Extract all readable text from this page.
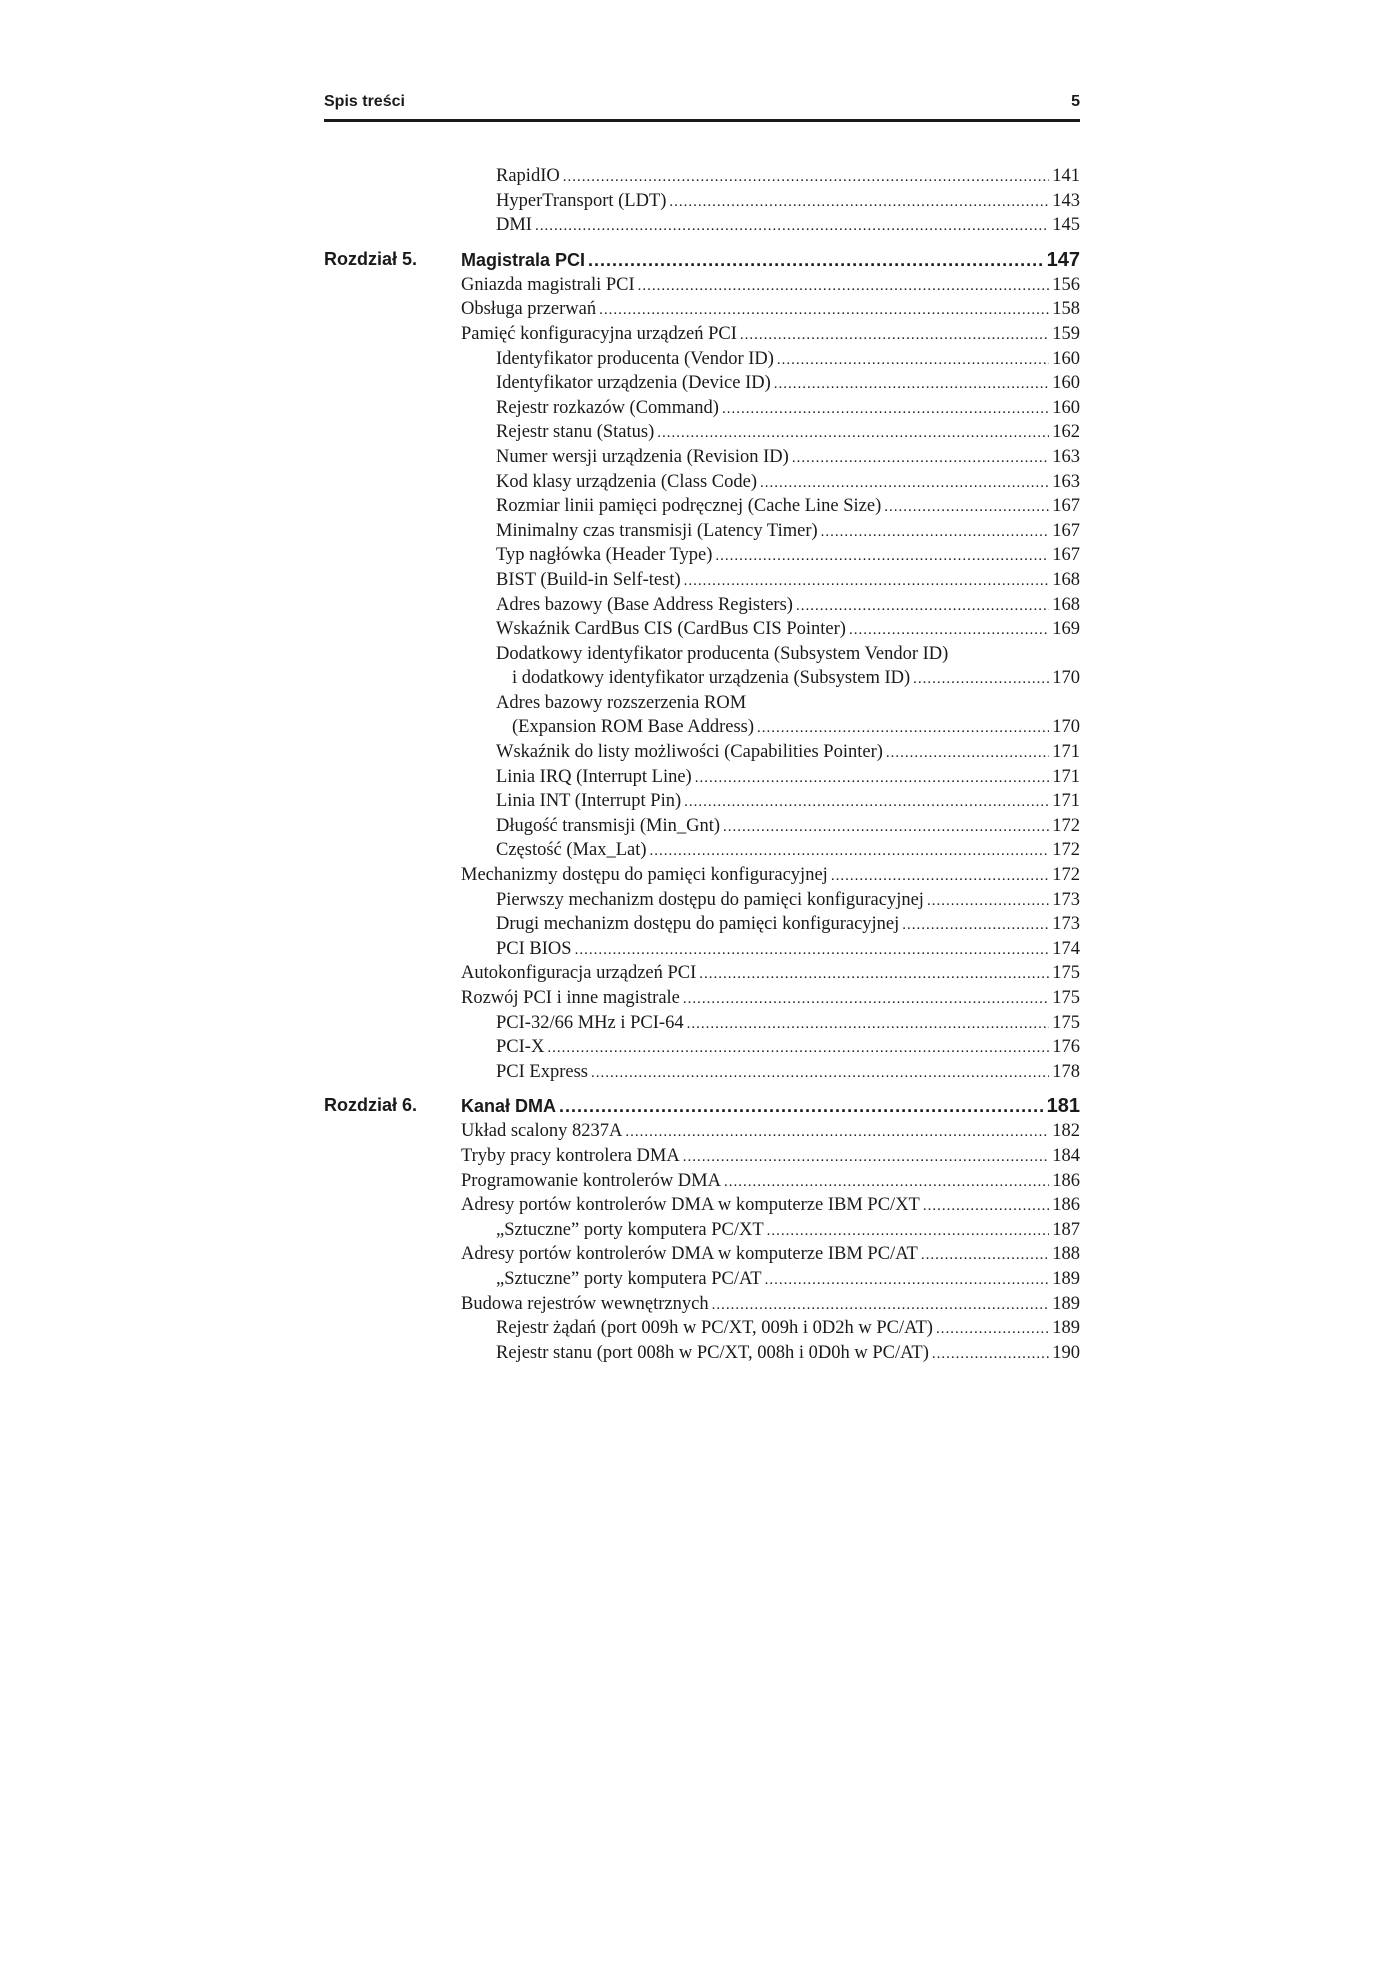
Spis treści	5
RapidIO .....	141
HyperTransport (LDT) .....	143
DMI .....	145
Rozdział 5. Magistrala PCI .....	147
Gniazda magistrali PCI .....	156
Obsługa przerwań .....	158
Pamięć konfiguracyjna urządzeń PCI .....	159
Identyfikator producenta (Vendor ID) .....	160
Identyfikator urządzenia (Device ID) .....	160
Rejestr rozkazów (Command) .....	160
Rejestr stanu (Status) .....	162
Numer wersji urządzenia (Revision ID) .....	163
Kod klasy urządzenia (Class Code) .....	163
Rozmiar linii pamięci podręcznej (Cache Line Size) .....	167
Minimalny czas transmisji (Latency Timer) .....	167
Typ nagłówka (Header Type) .....	167
BIST (Build-in Self-test) .....	168
Adres bazowy (Base Address Registers) .....	168
Wskaźnik CardBus CIS (CardBus CIS Pointer) .....	169
Dodatkowy identyfikator producenta (Subsystem Vendor ID)
i dodatkowy identyfikator urządzenia (Subsystem ID) .....	170
Adres bazowy rozszerzenia ROM
(Expansion ROM Base Address) .....	170
Wskaźnik do listy możliwości (Capabilities Pointer) .....	171
Linia IRQ (Interrupt Line) .....	171
Linia INT (Interrupt Pin) .....	171
Długość transmisji (Min_Gnt) .....	172
Częstość (Max_Lat) .....	172
Mechanizmy dostępu do pamięci konfiguracyjnej .....	172
Pierwszy mechanizm dostępu do pamięci konfiguracyjnej .....	173
Drugi mechanizm dostępu do pamięci konfiguracyjnej .....	173
PCI BIOS .....	174
Autokonfiguracja urządzeń PCI .....	175
Rozwój PCI i inne magistrale .....	175
PCI-32/66 MHz i PCI-64 .....	175
PCI-X .....	176
PCI Express .....	178
Rozdział 6. Kanał DMA .....	181
Układ scalony 8237A .....	182
Tryby pracy kontrolera DMA .....	184
Programowanie kontrolerów DMA .....	186
Adresy portów kontrolerów DMA w komputerze IBM PC/XT .....	186
„Sztuczne” porty komputera PC/XT .....	187
Adresy portów kontrolerów DMA w komputerze IBM PC/AT .....	188
„Sztuczne” porty komputera PC/AT .....	189
Budowa rejestrów wewnętrznych .....	189
Rejestr żądań (port 009h w PC/XT, 009h i 0D2h w PC/AT) .....	189
Rejestr stanu (port 008h w PC/XT, 008h i 0D0h w PC/AT) .....	190
